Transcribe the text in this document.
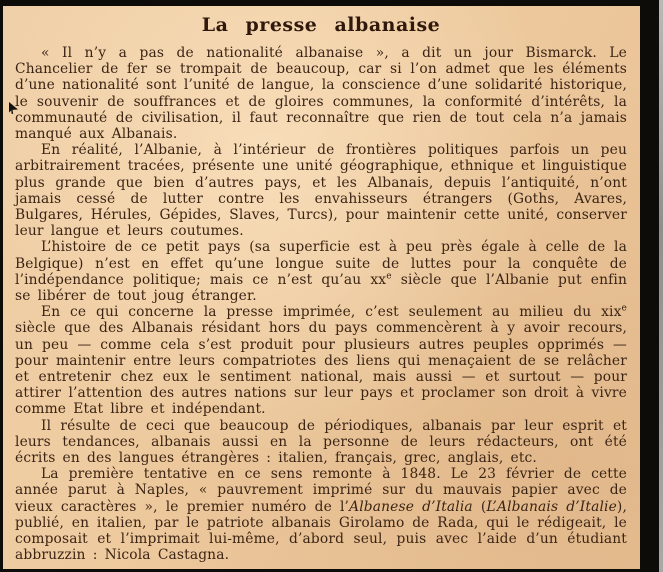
La presse albanaise

« Il n’y a pas de nationalité albanaise », a dit un jour Bismarck. Le Chancelier de fer se trompait de beaucoup, car si l’on admet que les éléments d’une nationalité sont l’unité de langue, la conscience d’une solidarité historique, le souvenir de souffrances et de gloires communes, la conformité d’intérêts, la communauté de civilisation, il faut reconnaître que rien de tout cela n’a jamais manqué aux Albanais.

En réalité, l’Albanie, à l’intérieur de frontières politiques parfois un peu arbitrairement tracées, présente une unité géographique, ethnique et linguistique plus grande que bien d’autres pays, et les Albanais, depuis l’antiquité, n’ont jamais cessé de lutter contre les envahisseurs étrangers (Goths, Avares, Bulgares, Hérules, Gépides, Slaves, Turcs), pour maintenir cette unité, conserver leur langue et leurs coutumes.

L’histoire de ce petit pays (sa superficie est à peu près égale à celle de la Belgique) n’est en effet qu’une longue suite de luttes pour la conquête de l’indépendance politique; mais ce n’est qu’au $xx^e$ siècle que l’Albanie put enfin se libérer de tout joug étranger.

En ce qui concerne la presse imprimée, c’est seulement au milieu du xix$^e$ siècle que des Albanais résidant hors du pays commencèrent à y avoir recours, un peu — comme cela s’est produit pour plusieurs autres peuples opprimés — pour maintenir entre leurs compatriotes des liens qui menaçaient de se relâcher et entretenir chez eux le sentiment national, mais aussi — et surtout — pour attirer l’attention des autres nations sur leur pays et proclamer son droit à vivre comme Etat libre et indépendant.

Il résulte de ceci que beaucoup de périodiques, albanais par leur esprit et leurs tendances, albanais aussi en la personne de leurs rédacteurs, ont été écrits en des langues étrangères : italien, français, grec, anglais, etc.

La première tentative en ce sens remonte à 1848. Le 23 février de cette année parut à Naples, « pauvrement imprimé sur du mauvais papier avec de vieux caractères », le premier numéro de l’Albanese d’Italia (L’Albanais d’Italie), publié, en italien, par le patriote albanais Girolamo de Rada, qui le rédigeait, le composait et l’imprimait lui-même, d’abord seul, puis avec l’aide d’un étudiant abbruzzin : Nicola Castagna.
